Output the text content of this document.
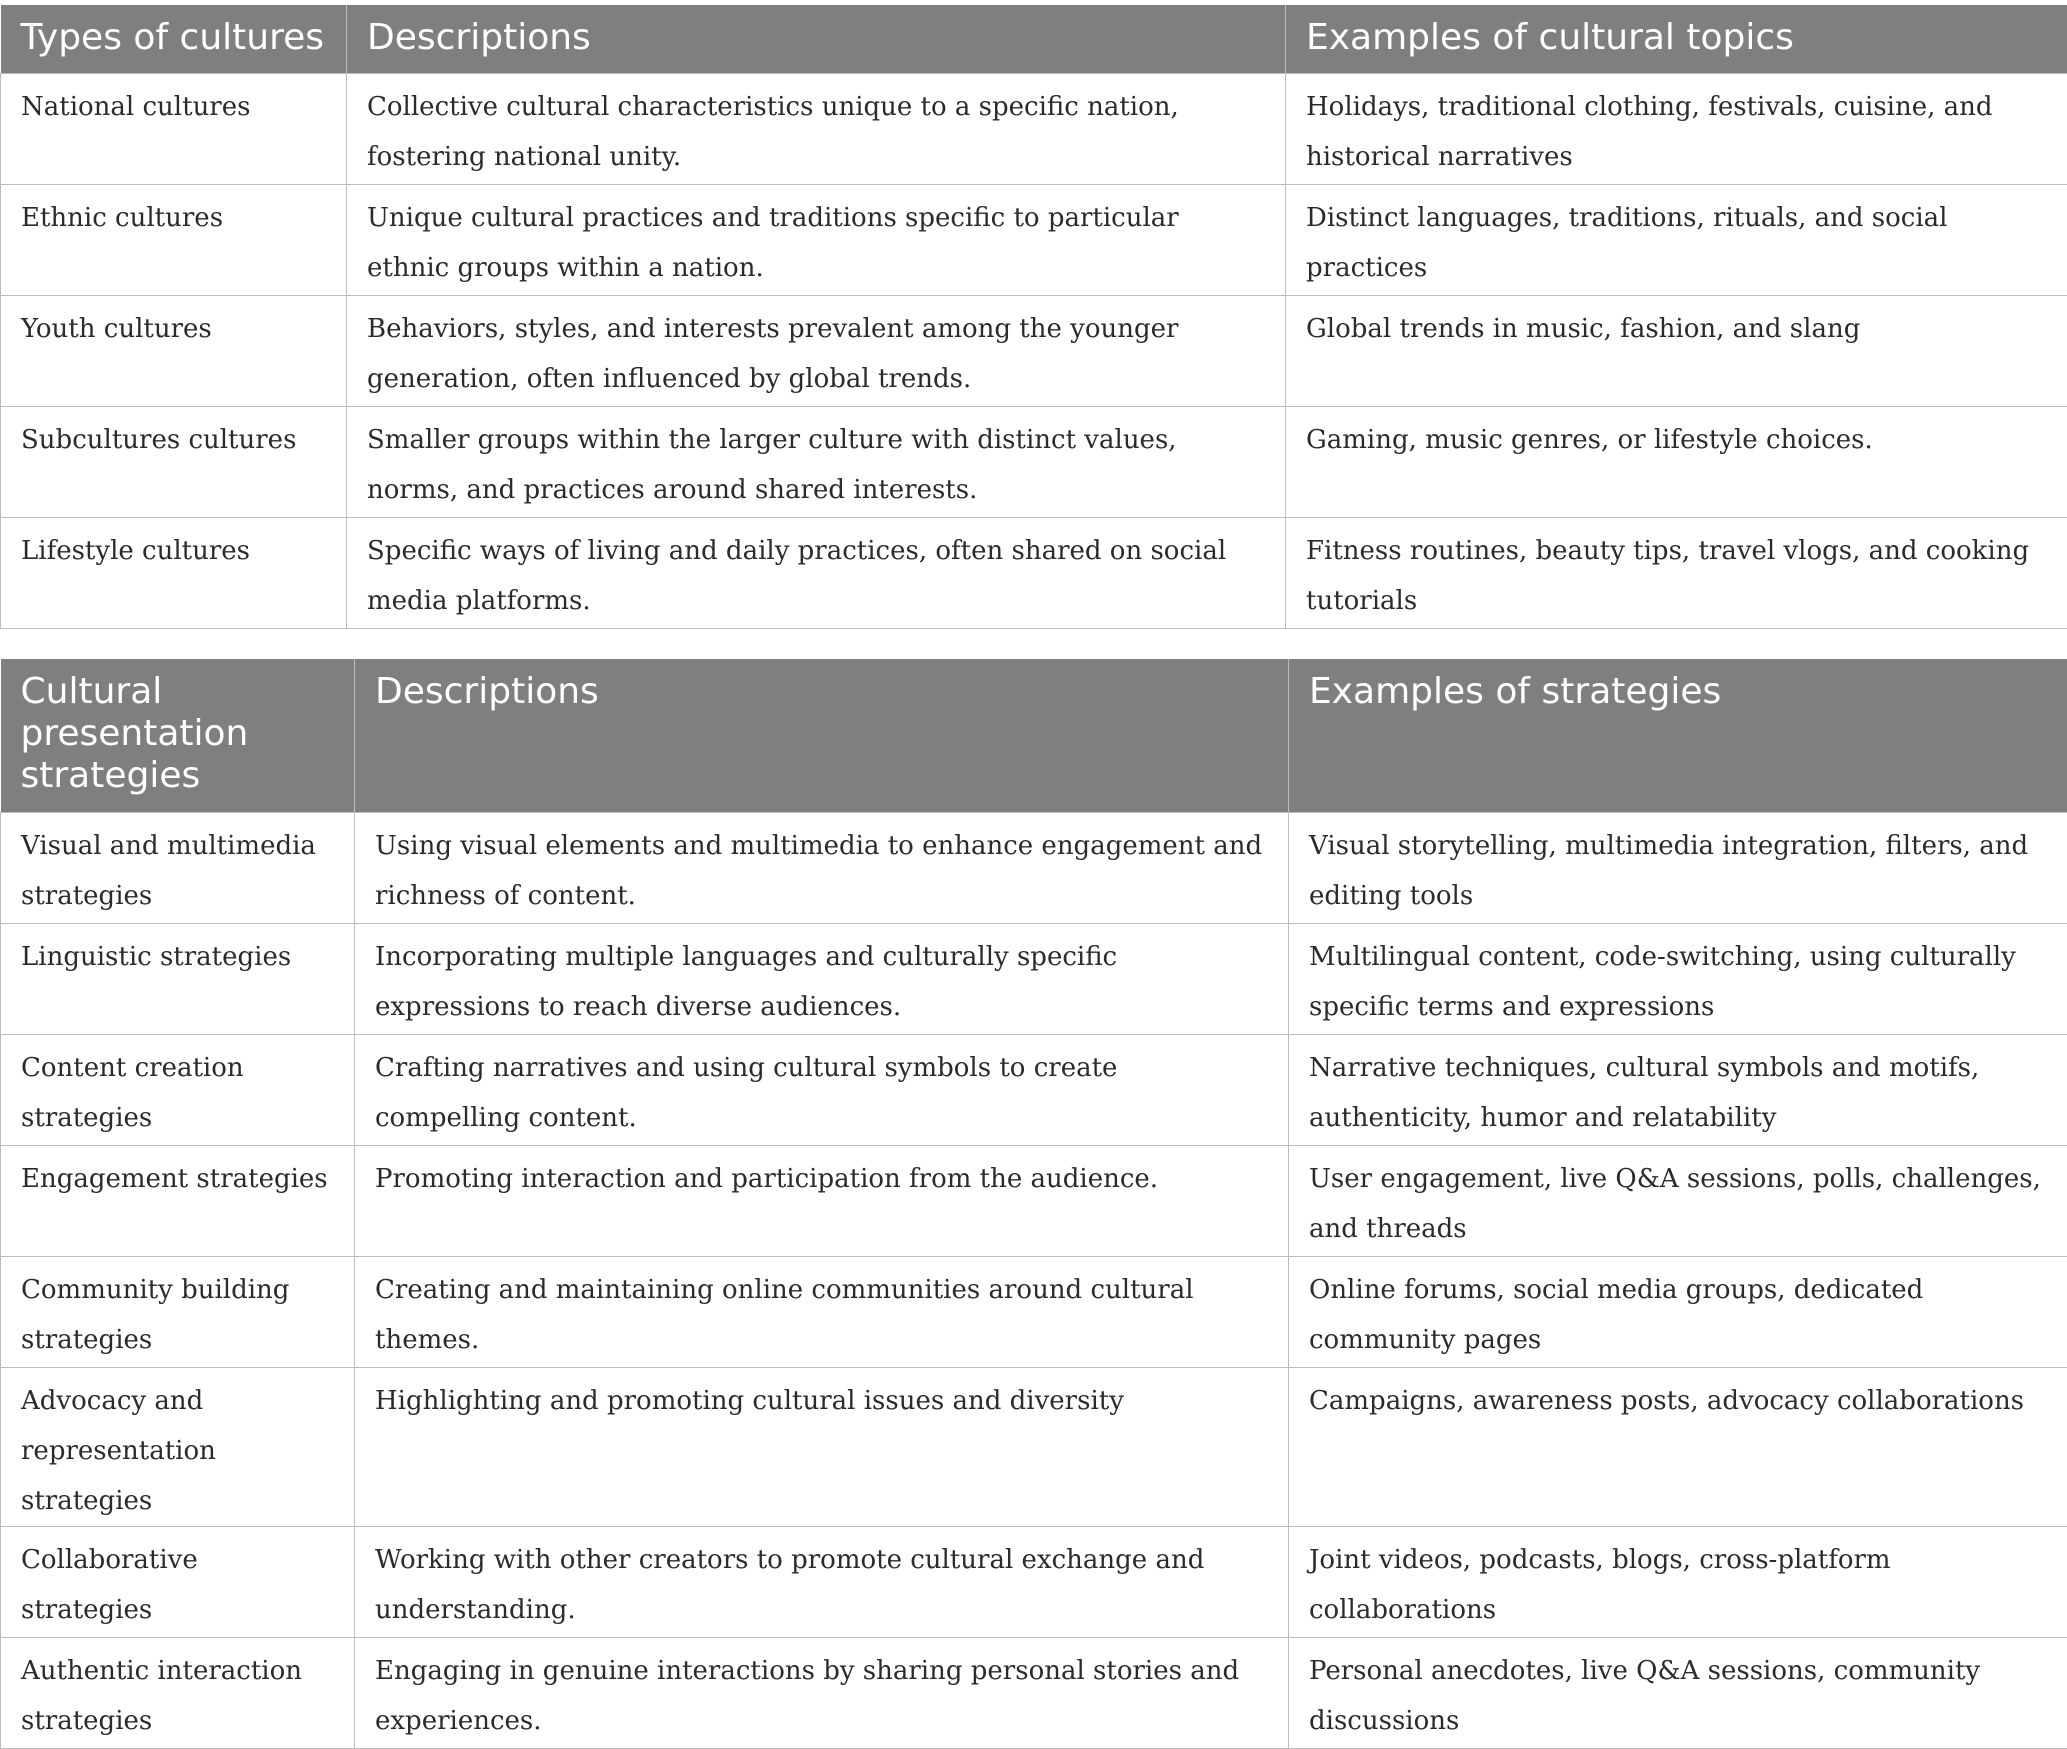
Types of cultures	Descriptions	Examples of cultural topics
National cultures	Collective cultural characteristics unique to a specific nation, fostering national unity.	Holidays, traditional clothing, festivals, cuisine, and historical narratives
Ethnic cultures	Unique cultural practices and traditions specific to particular ethnic groups within a nation.	Distinct languages, traditions, rituals, and social practices
Youth cultures	Behaviors, styles, and interests prevalent among the younger generation, often influenced by global trends.	Global trends in music, fashion, and slang
Subcultures cultures	Smaller groups within the larger culture with distinct values, norms, and practices around shared interests.	Gaming, music genres, or lifestyle choices.
Lifestyle cultures	Specific ways of living and daily practices, often shared on social media platforms.	Fitness routines, beauty tips, travel vlogs, and cooking tutorials
Cultural presentation strategies	Descriptions	Examples of strategies
Visual and multimedia strategies	Using visual elements and multimedia to enhance engagement and richness of content.	Visual storytelling, multimedia integration, filters, and editing tools
Linguistic strategies	Incorporating multiple languages and culturally specific expressions to reach diverse audiences.	Multilingual content, code-switching, using culturally specific terms and expressions
Content creation strategies	Crafting narratives and using cultural symbols to create compelling content.	Narrative techniques, cultural symbols and motifs, authenticity, humor and relatability
Engagement strategies	Promoting interaction and participation from the audience.	User engagement, live Q&A sessions, polls, challenges, and threads
Community building strategies	Creating and maintaining online communities around cultural themes.	Online forums, social media groups, dedicated community pages
Advocacy and representation strategies	Highlighting and promoting cultural issues and diversity	Campaigns, awareness posts, advocacy collaborations
Collaborative strategies	Working with other creators to promote cultural exchange and understanding.	Joint videos, podcasts, blogs, cross-platform collaborations
Authentic interaction strategies	Engaging in genuine interactions by sharing personal stories and experiences.	Personal anecdotes, live Q&A sessions, community discussions
